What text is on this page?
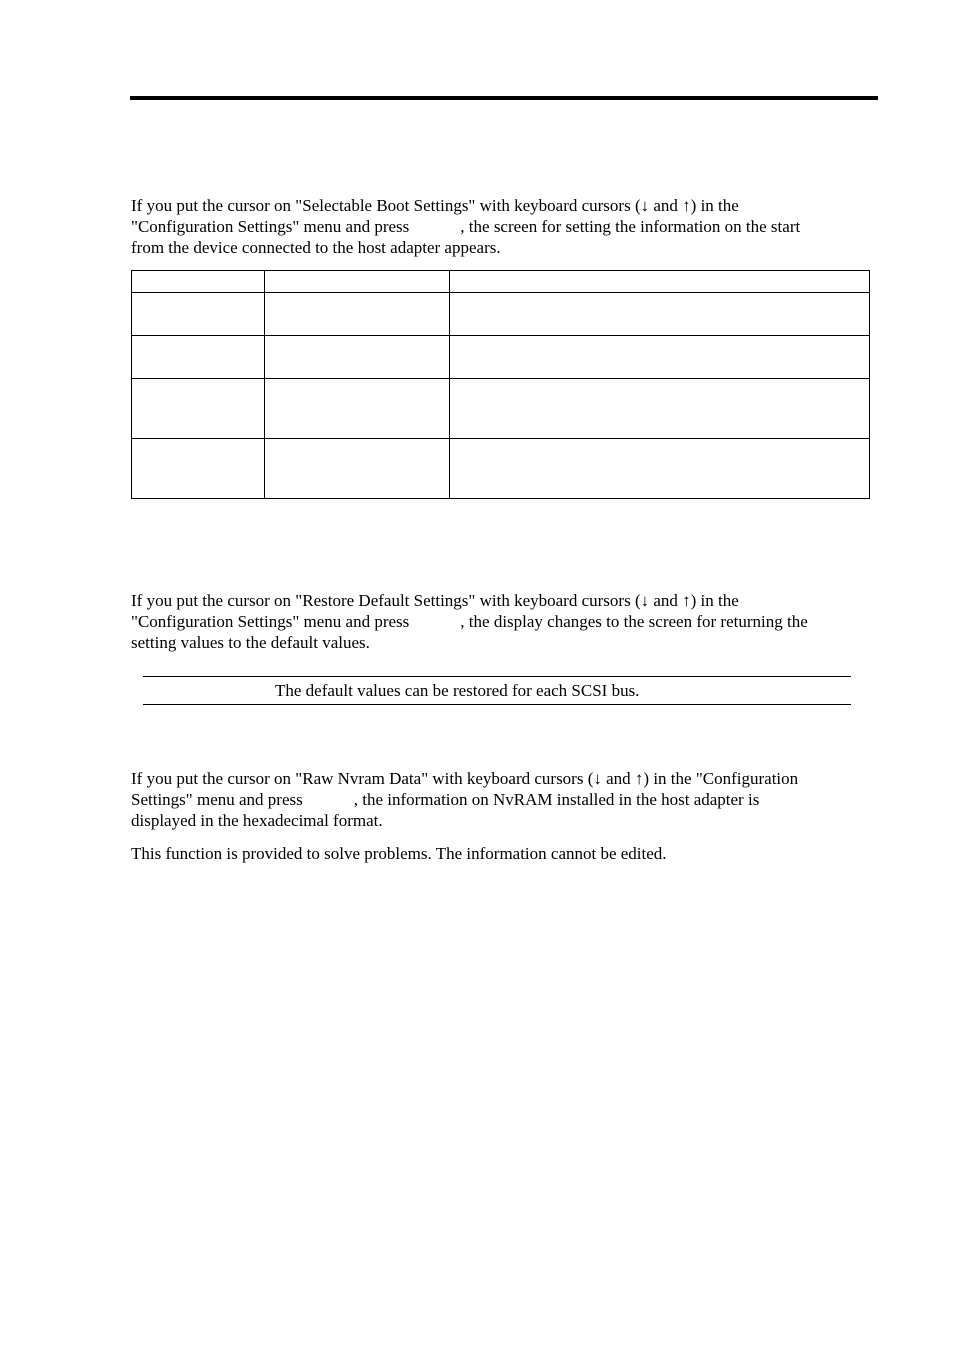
If you put the cursor on "Selectable Boot Settings" with keyboard cursors (↓ and ↑) in the
"Configuration Settings" menu and press	, the screen for setting the information on the start
from the device connected to the host adapter appears.

If you put the cursor on "Restore Default Settings" with keyboard cursors (↓ and ↑) in the
"Configuration Settings" menu and press	, the display changes to the screen for returning the
setting values to the default values.

The default values can be restored for each SCSI bus.

If you put the cursor on "Raw Nvram Data" with keyboard cursors (↓ and ↑) in the "Configuration
Settings" menu and press	, the information on NvRAM installed in the host adapter is
displayed in the hexadecimal format.

This function is provided to solve problems. The information cannot be edited.
